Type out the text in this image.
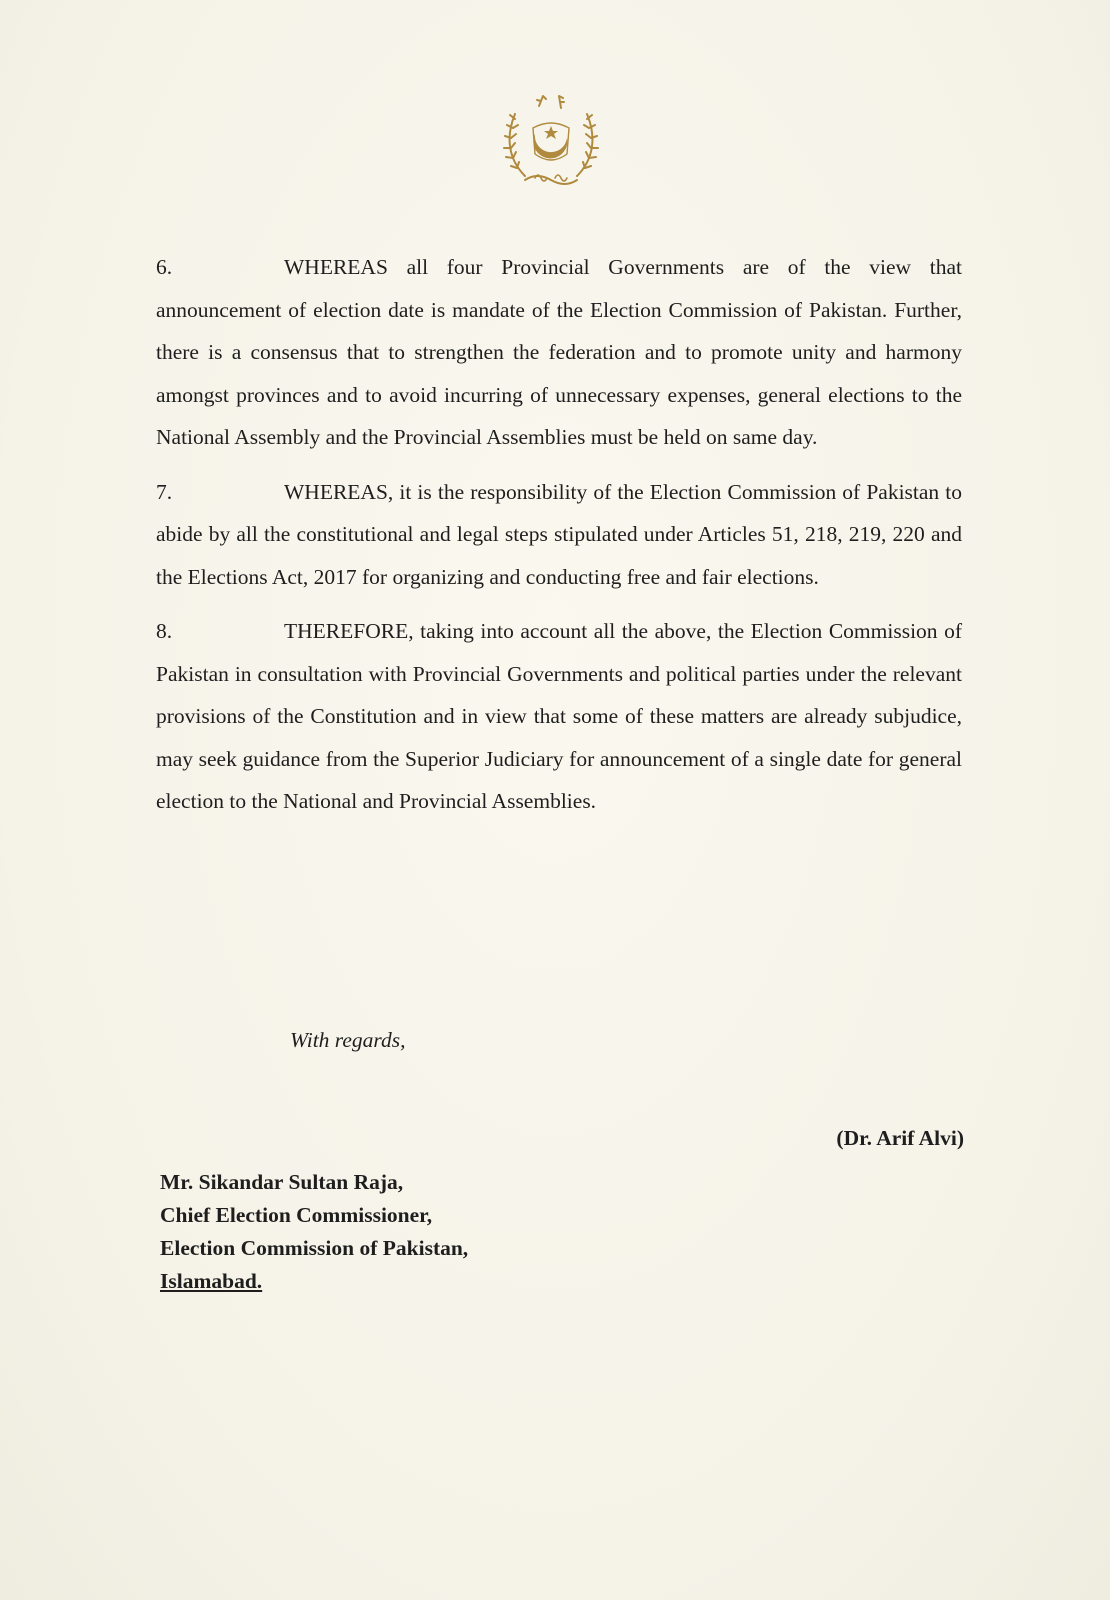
6.	WHEREAS all four Provincial Governments are of the view that announcement of election date is mandate of the Election Commission of Pakistan. Further, there is a consensus that to strengthen the federation and to promote unity and harmony amongst provinces and to avoid incurring of unnecessary expenses, general elections to the National Assembly and the Provincial Assemblies must be held on same day.

7.	WHEREAS, it is the responsibility of the Election Commission of Pakistan to abide by all the constitutional and legal steps stipulated under Articles 51, 218, 219, 220 and the Elections Act, 2017 for organizing and conducting free and fair elections.

8.	THEREFORE, taking into account all the above, the Election Commission of Pakistan in consultation with Provincial Governments and political parties under the relevant provisions of the Constitution and in view that some of these matters are already subjudice, may seek guidance from the Superior Judiciary for announcement of a single date for general election to the National and Provincial Assemblies.

With regards,
(Dr. Arif Alvi)
Mr. Sikandar Sultan Raja,
Chief Election Commissioner,
Election Commission of Pakistan,
Islamabad.
